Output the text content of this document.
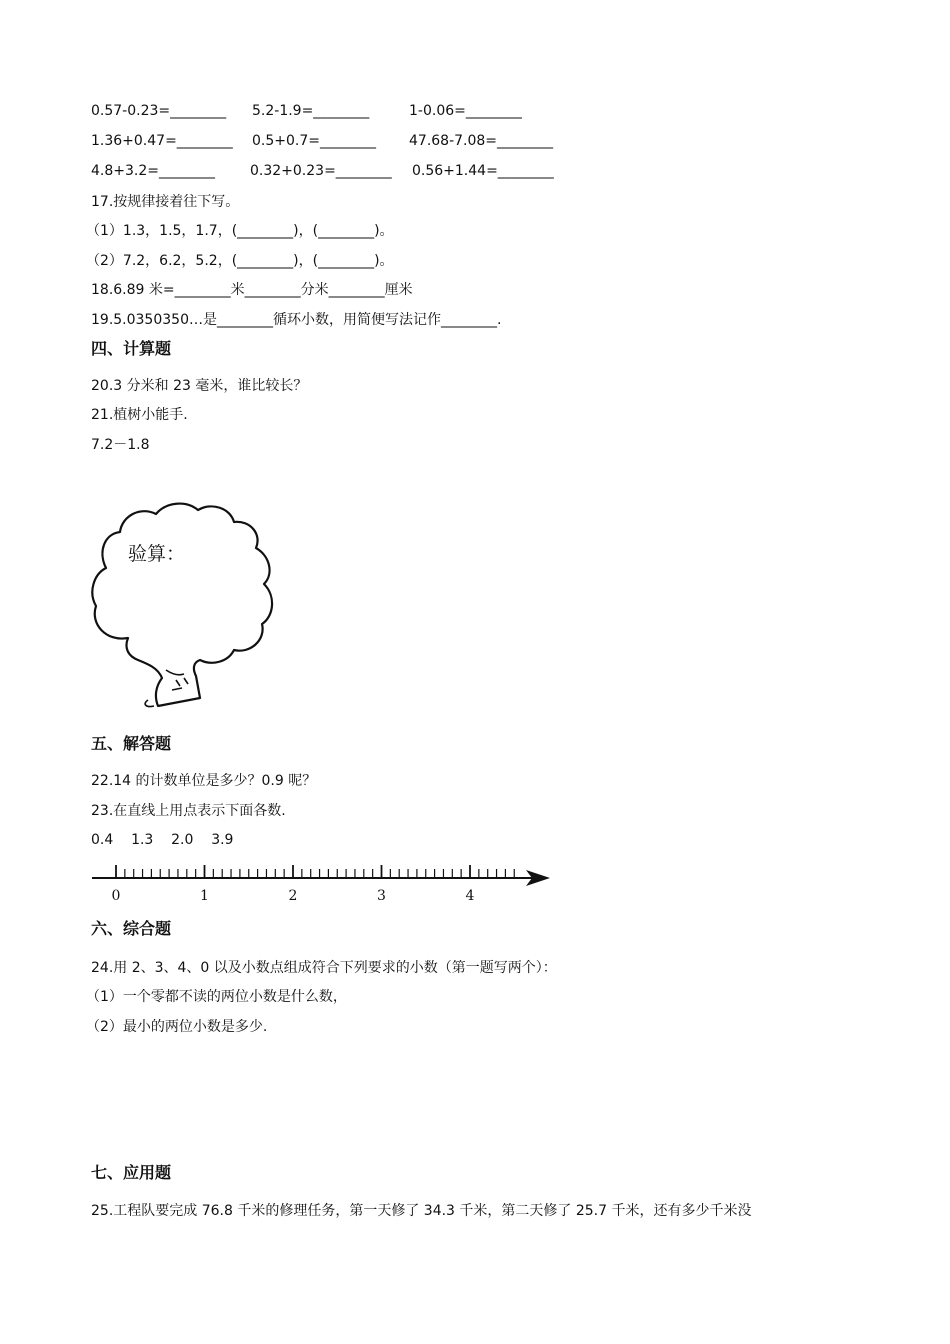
0.57-0.23=________ 5.2-1.9=________	1-0.06=________
1.36+0.47=________ 0.5+0.7=________ 47.68-7.08=________
4.8+3.2=________	0.32+0.23=________ 0.56+1.44=________
17.按规律接着往下写。
（1）1.3，1.5，1.7，(________)，(________)。
（2）7.2，6.2，5.2，(________)，(________)。
18.6.89 米=________米________分米________厘米
19.5.0350350…是________循环小数，用简便写法记作________.
四、计算题
20.3 分米和 23 毫米，谁比较长？
21.植树小能手.
7.2－1.8
验算：
五、解答题
22.14 的计数单位是多少？0.9 呢？
23.在直线上用点表示下面各数.
0.4    1.3    2.0    3.9
0	1	2	3	4
六、综合题
24.用 2、3、4、0 以及小数点组成符合下列要求的小数（第一题写两个）：
（1）一个零都不读的两位小数是什么数，
（2）最小的两位小数是多少.
七、应用题
25.工程队要完成 76.8 千米的修理任务，第一天修了 34.3 千米，第二天修了 25.7 千米，还有多少千米没
